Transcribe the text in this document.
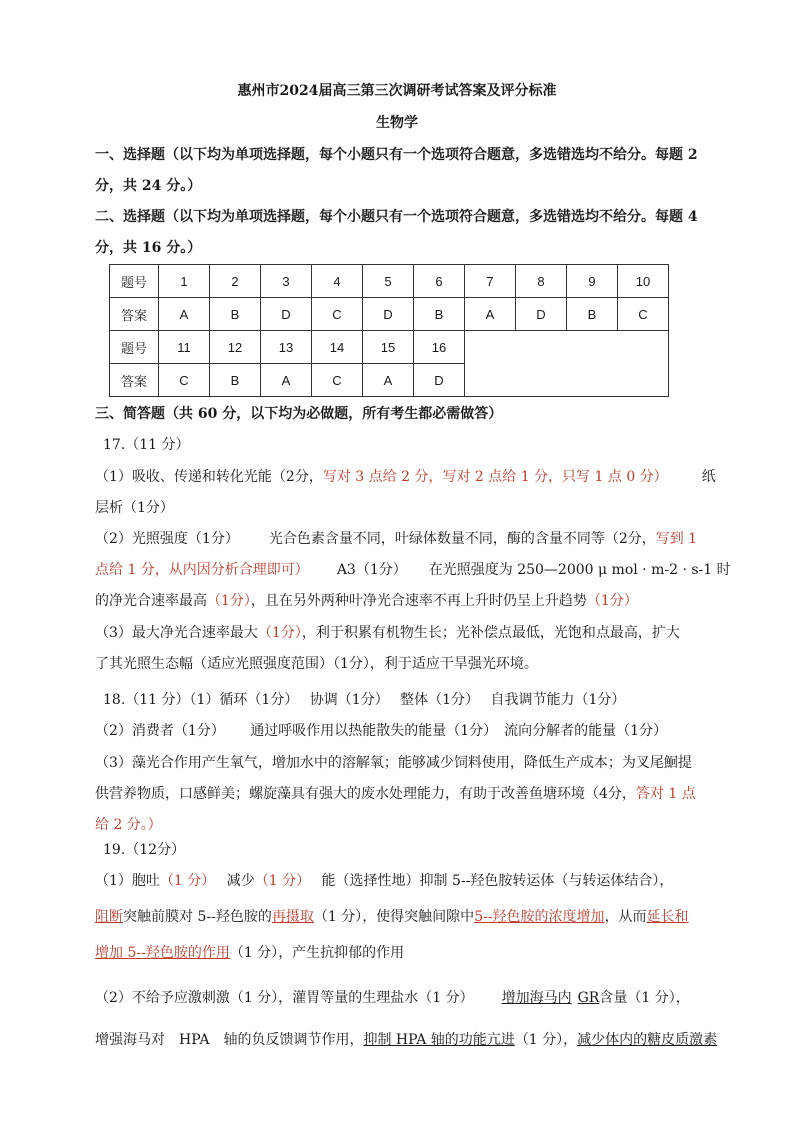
惠州市2024届高三第三次调研考试答案及评分标准
生物学
一、选择题（以下均为单项选择题，每个小题只有一个选项符合题意，多选错选均不给分。每题 2
分，共 24 分。）
二、选择题（以下均为单项选择题，每个小题只有一个选项符合题意，多选错选均不给分。每题 4
分，共 16 分。）
题号	1	2	3	4	5	6	7	8	9	10
答案	A	B	D	C	D	B	A	D	B	C
题号	11	12	13	14	15	16				
答案	C	B	A	C	A	D				
三、简答题（共 60 分，以下均为必做题，所有考生都必需做答）
17.（11 分）
（1）吸收、传递和转化光能（2分，写对 3 点给 2 分，写对 2 点给 1 分，只写 1 点 0 分） 纸
层析（1分）
（2）光照强度（1分） 光合色素含量不同，叶绿体数量不同，酶的含量不同等（2分，写到 1
点给 1 分，从内因分析合理即可） A3（1分） 在光照强度为 250—2000 μ mol · m-2 · s-1 时
的净光合速率最高（1分），且在另外两种叶净光合速率不再上升时仍呈上升趋势（1分）
（3）最大净光合速率最大（1分），利于积累有机物生长；光补偿点最低，光饱和点最高，扩大
了其光照生态幅（适应光照强度范围）（1分），利于适应干旱强光环境。
18.（11 分）（1）循环（1分）　 协调（1分）　 整体（1分）　 自我调节能力（1分）
（2）消费者（1分）　　 通过呼吸作用以热能散失的能量（1分）　流向分解者的能量（1分）
（3）藻光合作用产生氧气，增加水中的溶解氧；能够减少饲料使用，降低生产成本；为叉尾鮰提
供营养物质，口感鲜美；螺旋藻具有强大的废水处理能力，有助于改善鱼塘环境（4分，答对 1 点
给 2 分。）
19.（12分）
（1）胞吐（1 分）　 减少（1 分）　 能（选择性地）抑制 5--羟色胺转运体（与转运体结合），
阻断突触前膜对 5--羟色胺的再摄取（1 分），使得突触间隙中5--羟色胺的浓度增加，从而延长和
增加 5--羟色胺的作用（1 分），产生抗抑郁的作用
（2）不给予应激刺激（1 分），灌胃等量的生理盐水（1 分） 增加海马内 GR含量（1 分），
增强海马对　HPA　轴的负反馈调节作用，抑制 HPA 轴的功能亢进（1 分），减少体内的糖皮质激素
